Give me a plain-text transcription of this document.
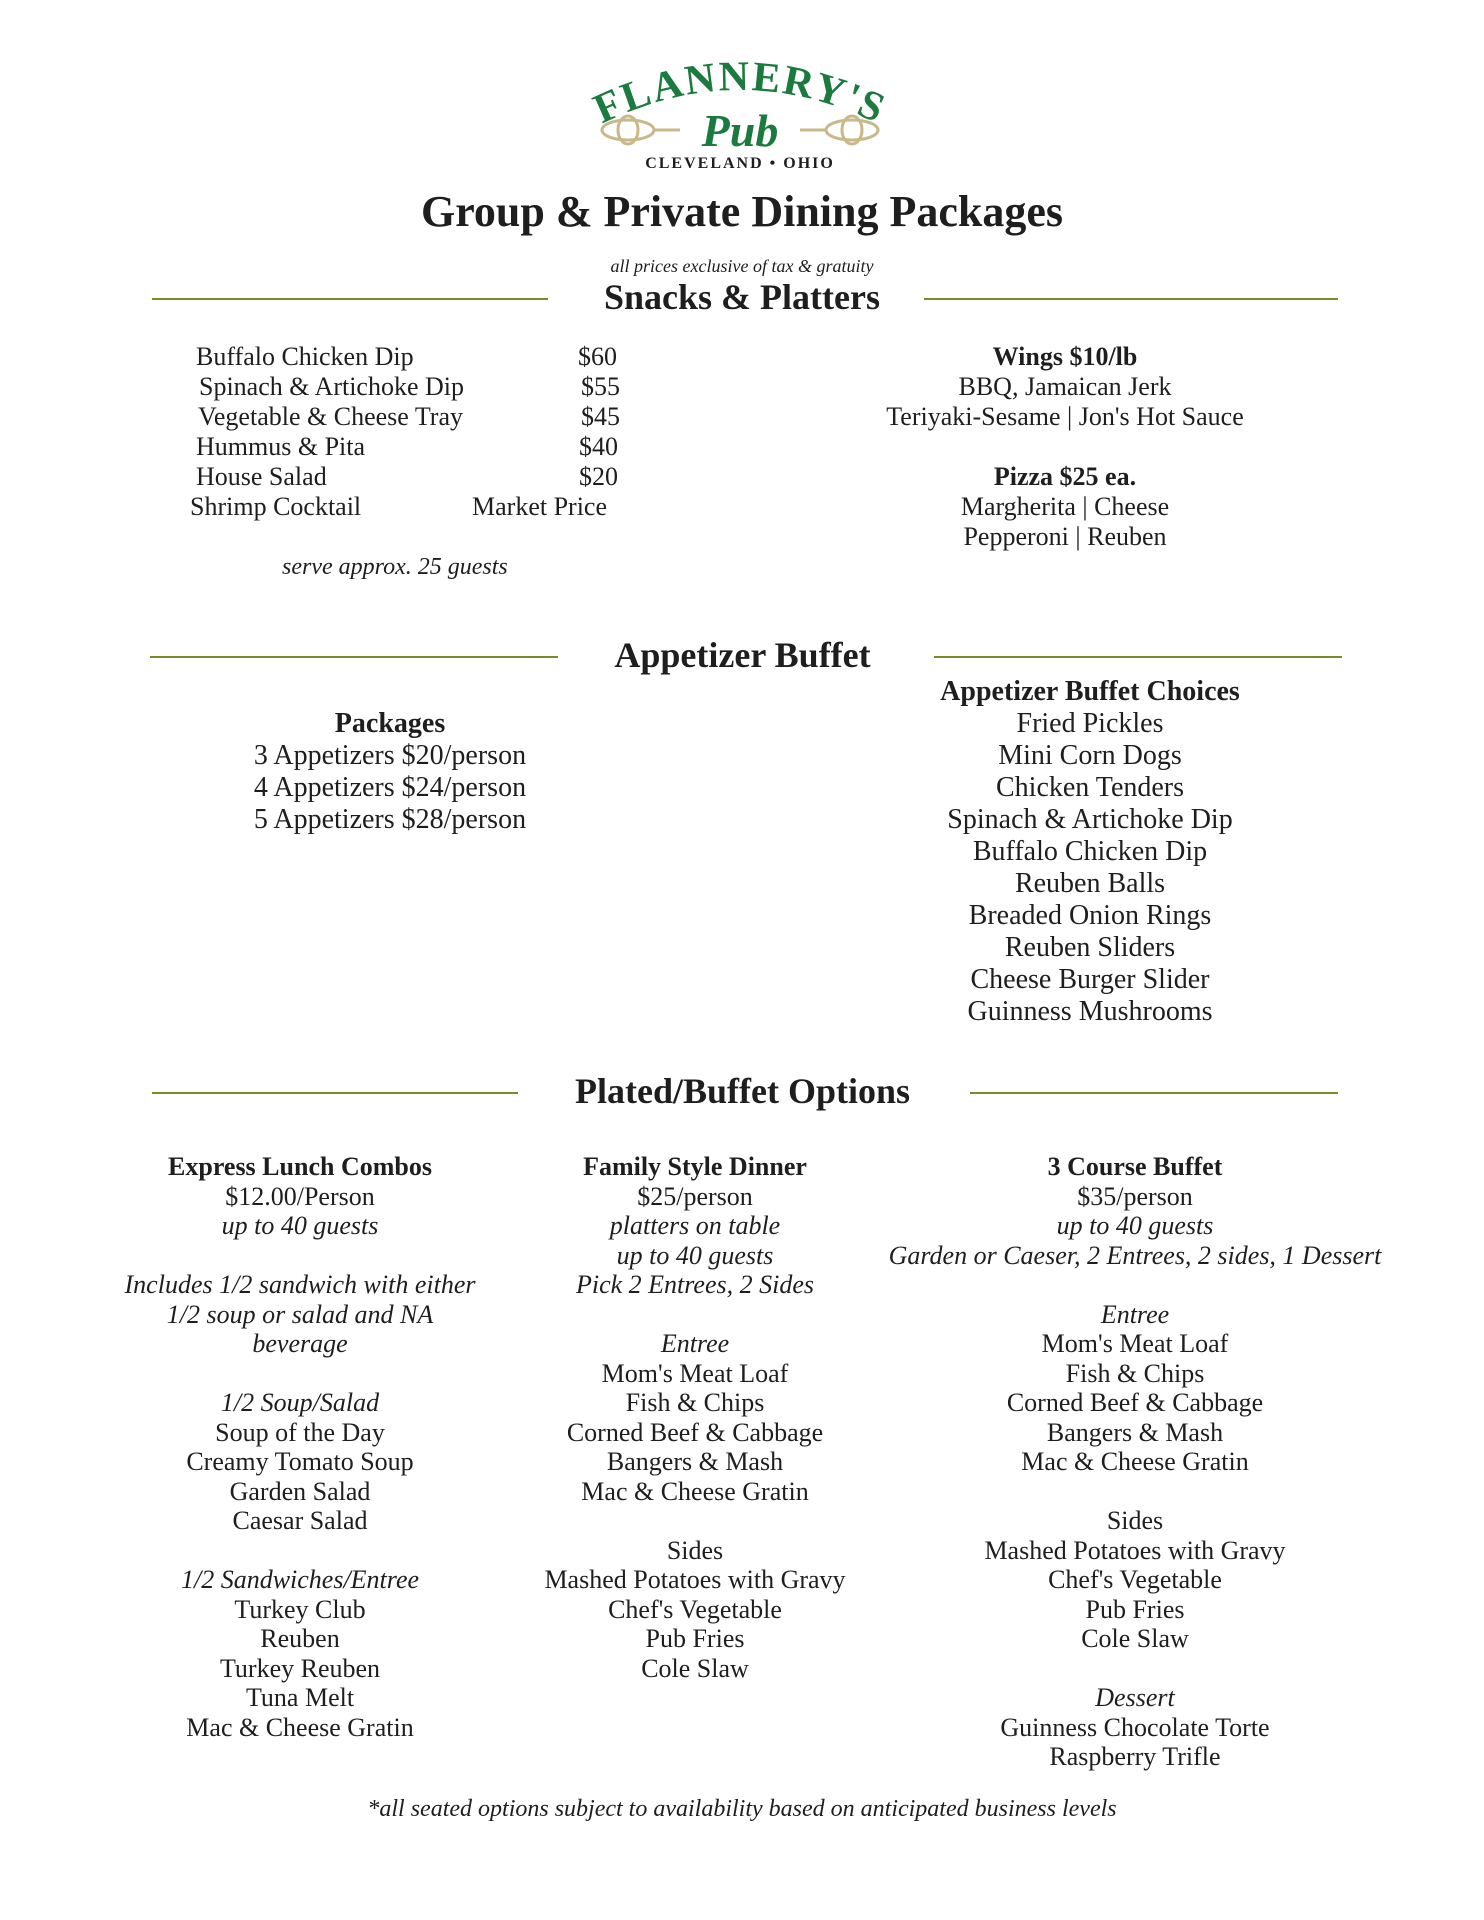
FLANNERY'S
Pub
CLEVELAND • OHIO
Group & Private Dining Packages
all prices exclusive of tax & gratuity
Snacks & Platters
Buffalo Chicken Dip	$60
Spinach & Artichoke Dip	$55
Vegetable & Cheese Tray	$45
Hummus & Pita	$40
House Salad	$20
Shrimp Cocktail	Market Price
serve approx. 25 guests
Wings $10/lb
BBQ, Jamaican Jerk
Teriyaki-Sesame | Jon's Hot Sauce
Pizza $25 ea.
Margherita | Cheese
Pepperoni | Reuben
Appetizer Buffet
Packages
3 Appetizers $20/person
4 Appetizers $24/person
5 Appetizers $28/person
Appetizer Buffet Choices
Fried Pickles
Mini Corn Dogs
Chicken Tenders
Spinach & Artichoke Dip
Buffalo Chicken Dip
Reuben Balls
Breaded Onion Rings
Reuben Sliders
Cheese Burger Slider
Guinness Mushrooms
Plated/Buffet Options
Express Lunch Combos
$12.00/Person
up to 40 guests

Includes 1/2 sandwich with either
1/2 soup or salad and NA
beverage

1/2 Soup/Salad
Soup of the Day
Creamy Tomato Soup
Garden Salad
Caesar Salad

1/2 Sandwiches/Entree
Turkey Club
Reuben
Turkey Reuben
Tuna Melt
Mac & Cheese Gratin
Family Style Dinner
$25/person
platters on table
up to 40 guests
Pick 2 Entrees, 2 Sides

Entree
Mom's Meat Loaf
Fish & Chips
Corned Beef & Cabbage
Bangers & Mash
Mac & Cheese Gratin

Sides
Mashed Potatoes with Gravy
Chef's Vegetable
Pub Fries
Cole Slaw
3 Course Buffet
$35/person
up to 40 guests
Garden or Caeser, 2 Entrees, 2 sides, 1 Dessert

Entree
Mom's Meat Loaf
Fish & Chips
Corned Beef & Cabbage
Bangers & Mash
Mac & Cheese Gratin

Sides
Mashed Potatoes with Gravy
Chef's Vegetable
Pub Fries
Cole Slaw

Dessert
Guinness Chocolate Torte
Raspberry Trifle
*all seated options subject to availability based on anticipated business levels
